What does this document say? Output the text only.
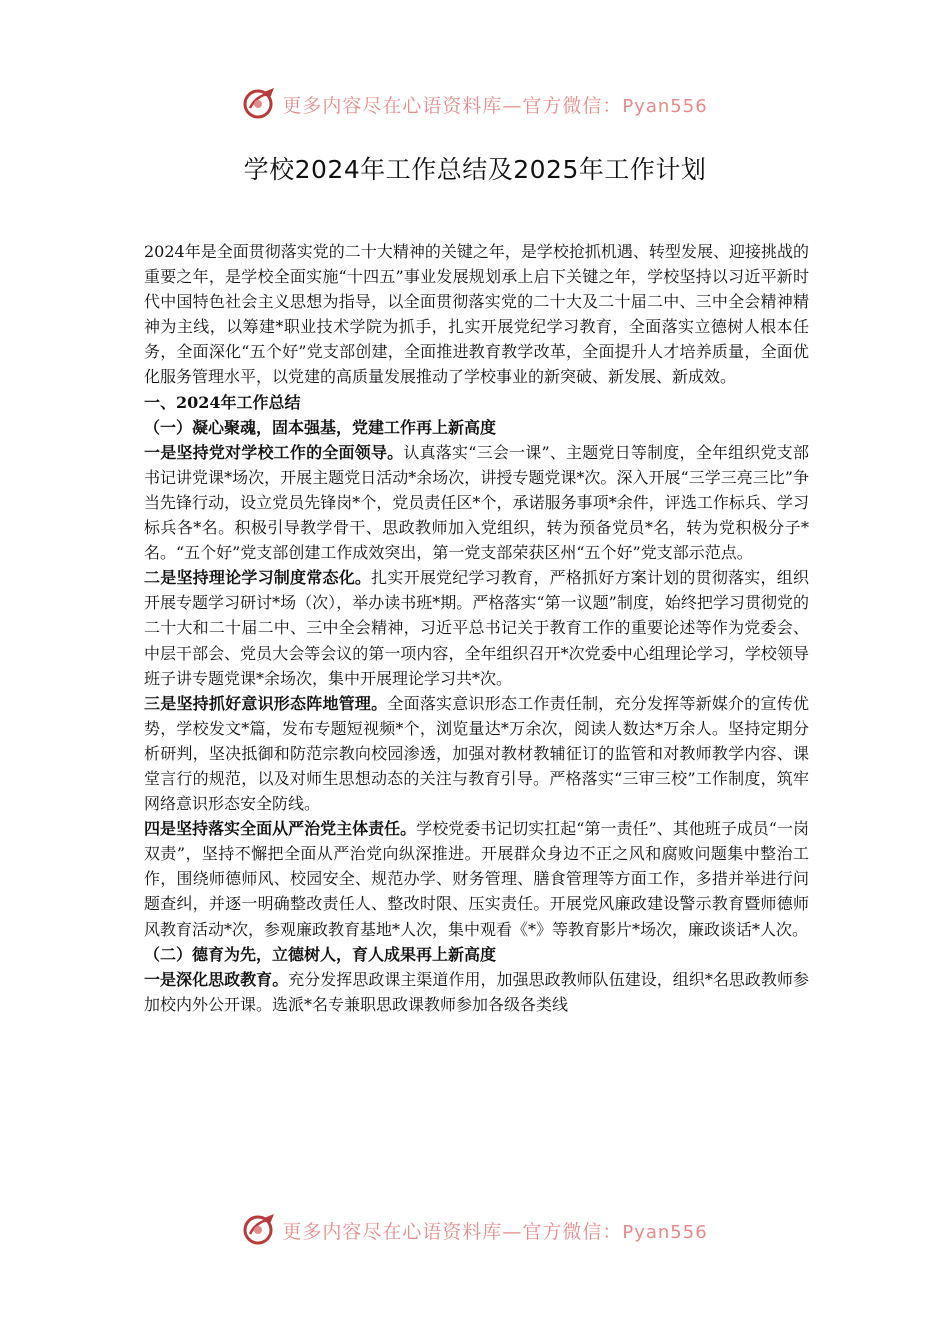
更多内容尽在心语资料库—官方微信：Pyan556
学校2024年工作总结及2025年工作计划

2024年是全面贯彻落实党的二十大精神的关键之年，是学校抢抓机遇、转型发展、迎接挑战的重要之年，是学校全面实施“十四五”事业发展规划承上启下关键之年，学校坚持以习近平新时代中国特色社会主义思想为指导，以全面贯彻落实党的二十大及二十届二中、三中全会精神精神为主线，以筹建*职业技术学院为抓手，扎实开展党纪学习教育，全面落实立德树人根本任务，全面深化“五个好”党支部创建，全面推进教育教学改革，全面提升人才培养质量，全面优化服务管理水平，以党建的高质量发展推动了学校事业的新突破、新发展、新成效。

一、2024年工作总结

（一）凝心聚魂，固本强基，党建工作再上新高度

一是坚持党对学校工作的全面领导。认真落实“三会一课”、主题党日等制度，全年组织党支部书记讲党课*场次，开展主题党日活动*余场次，讲授专题党课*次。深入开展“三学三亮三比”争当先锋行动，设立党员先锋岗*个，党员责任区*个，承诺服务事项*余件，评选工作标兵、学习标兵各*名。积极引导教学骨干、思政教师加入党组织，转为预备党员*名，转为党积极分子*名。“五个好”党支部创建工作成效突出，第一党支部荣获区州“五个好”党支部示范点。

二是坚持理论学习制度常态化。扎实开展党纪学习教育，严格抓好方案计划的贯彻落实，组织开展专题学习研讨*场（次），举办读书班*期。严格落实“第一议题”制度，始终把学习贯彻党的二十大和二十届二中、三中全会精神，习近平总书记关于教育工作的重要论述等作为党委会、中层干部会、党员大会等会议的第一项内容，全年组织召开*次党委中心组理论学习，学校领导班子讲专题党课*余场次，集中开展理论学习共*次。

三是坚持抓好意识形态阵地管理。全面落实意识形态工作责任制，充分发挥等新媒介的宣传优势，学校发文*篇，发布专题短视频*个，浏览量达*万余次，阅读人数达*万余人。坚持定期分析研判，坚决抵御和防范宗教向校园渗透，加强对教材教辅征订的监管和对教师教学内容、课堂言行的规范，以及对师生思想动态的关注与教育引导。严格落实“三审三校”工作制度，筑牢网络意识形态安全防线。

四是坚持落实全面从严治党主体责任。学校党委书记切实扛起“第一责任”、其他班子成员“一岗双责”，坚持不懈把全面从严治党向纵深推进。开展群众身边不正之风和腐败问题集中整治工作，围绕师德师风、校园安全、规范办学、财务管理、膳食管理等方面工作，多措并举进行问题查纠，并逐一明确整改责任人、整改时限、压实责任。开展党风廉政建设警示教育暨师德师风教育活动*次，参观廉政教育基地*人次，集中观看《*》等教育影片*场次，廉政谈话*人次。

（二）德育为先，立德树人，育人成果再上新高度

一是深化思政教育。充分发挥思政课主渠道作用，加强思政教师队伍建设，组织*名思政教师参加校内外公开课。选派*名专兼职思政课教师参加各级各类线

更多内容尽在心语资料库—官方微信：Pyan556
